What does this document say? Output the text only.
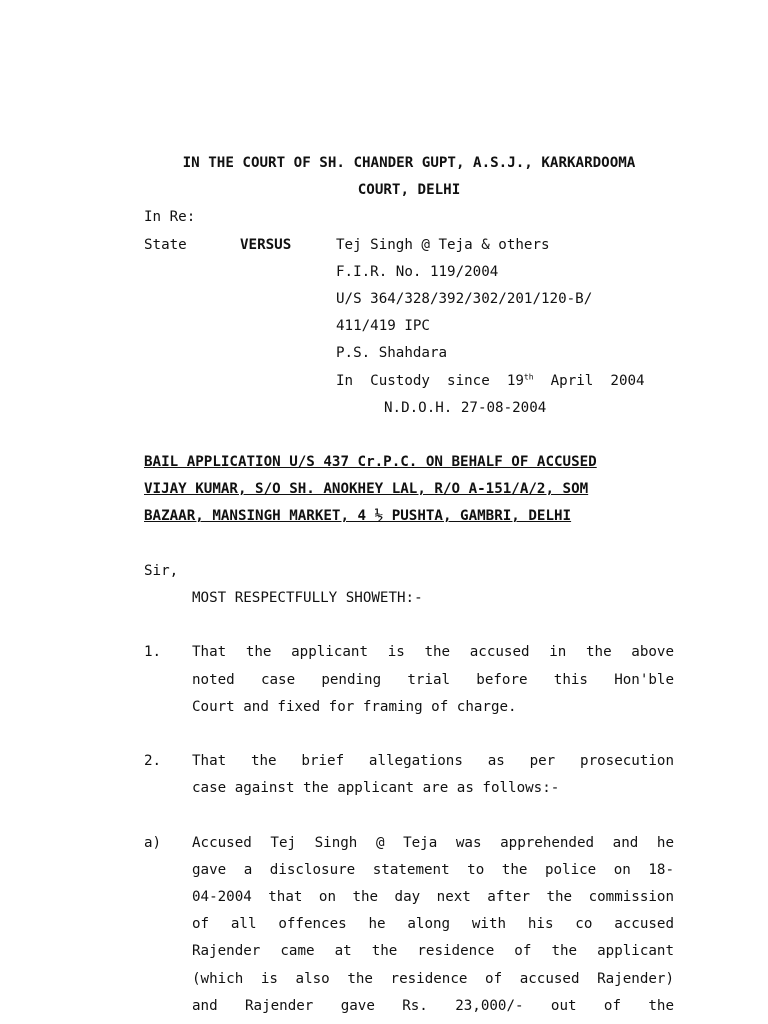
IN THE COURT OF SH. CHANDER GUPT, A.S.J., KARKARDOOMA
COURT, DELHI
In Re:
State	VERSUS	Tej Singh @ Teja & others
F.I.R. No. 119/2004
U/S 364/328/392/302/201/120-B/
411/419 IPC
P.S. Shahdara
In  Custody  since  19th  April  2004
N.D.O.H. 27-08-2004
BAIL APPLICATION U/S 437 Cr.P.C. ON BEHALF OF ACCUSED
VIJAY KUMAR, S/O SH. ANOKHEY LAL, R/O A-151/A/2, SOM
BAZAAR, MANSINGH MARKET, 4 ½ PUSHTA, GAMBRI, DELHI
Sir,
MOST RESPECTFULLY SHOWETH:-
1.	That the applicant is the accused in the above
noted case pending trial before this Hon'ble
Court and fixed for framing of charge.
2.	That the brief allegations as per prosecution
case against the applicant are as follows:-
a)	Accused Tej Singh @ Teja was apprehended and he
gave a disclosure statement to the police on 18-
04-2004 that on the day next after the commission
of all offences he along with his co accused
Rajender came at the residence of the applicant
(which is also the residence of accused Rajender)
and Rajender gave Rs. 23,000/- out of the
